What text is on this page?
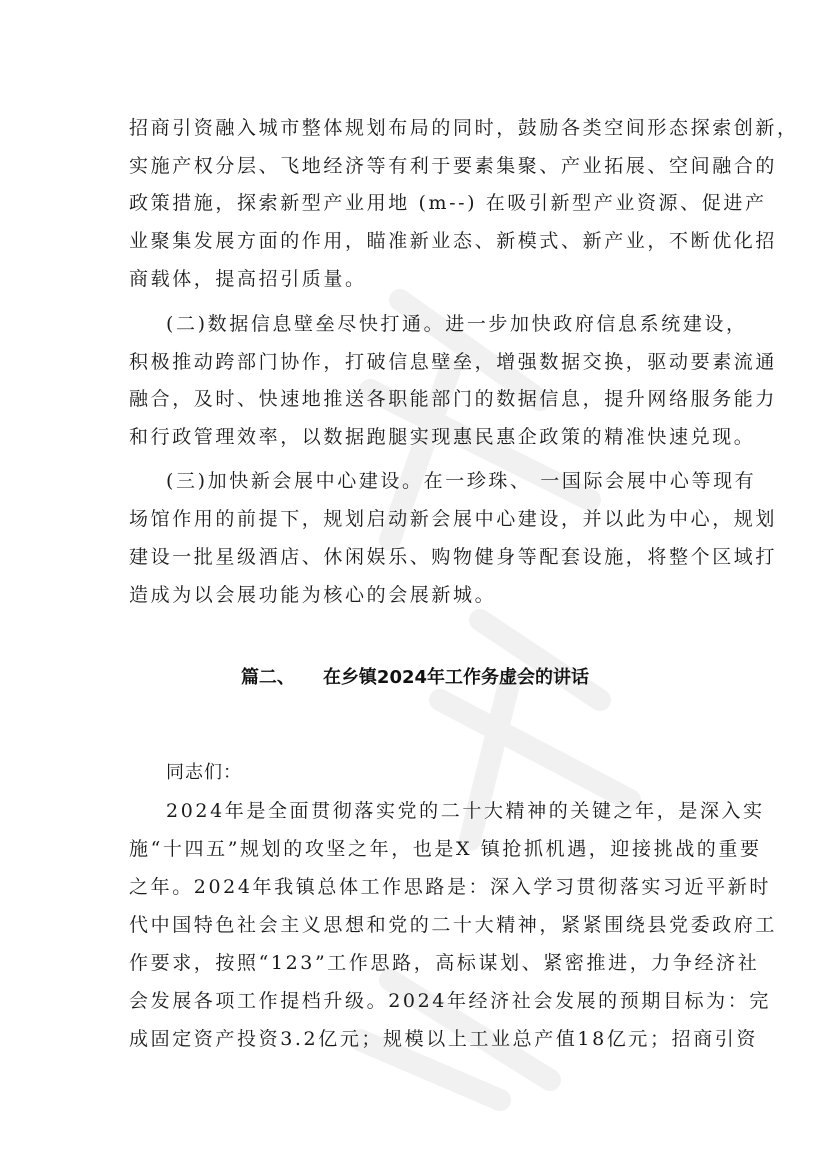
招商引资融入城市整体规划布局的同时，鼓励各类空间形态探索创新，
实施产权分层、飞地经济等有利于要素集聚、产业拓展、空间融合的
政策措施，探索新型产业用地 (m--) 在吸引新型产业资源、促进产
业聚集发展方面的作用，瞄准新业态、新模式、新产业，不断优化招
商载体，提高招引质量。
(二)数据信息壁垒尽快打通。进一步加快政府信息系统建设，
积极推动跨部门协作，打破信息壁垒，增强数据交换，驱动要素流通
融合，及时、快速地推送各职能部门的数据信息，提升网络服务能力
和行政管理效率，以数据跑腿实现惠民惠企政策的精准快速兑现。
(三)加快新会展中心建设。在一珍珠、 一国际会展中心等现有
场馆作用的前提下，规划启动新会展中心建设，并以此为中心，规划
建设一批星级酒店、休闲娱乐、购物健身等配套设施，将整个区域打
造成为以会展功能为核心的会展新城。
篇二、 在乡镇2024年工作务虚会的讲话
同志们：
2024年是全面贯彻落实党的二十大精神的关键之年，是深入实
施“十四五”规划的攻坚之年，也是X 镇抢抓机遇，迎接挑战的重要
之年。2024年我镇总体工作思路是：深入学习贯彻落实习近平新时
代中国特色社会主义思想和党的二十大精神，紧紧围绕县党委政府工
作要求，按照“123”工作思路，高标谋划、紧密推进，力争经济社
会发展各项工作提档升级。2024年经济社会发展的预期目标为：完
成固定资产投资3.2亿元；规模以上工业总产值18亿元；招商引资
